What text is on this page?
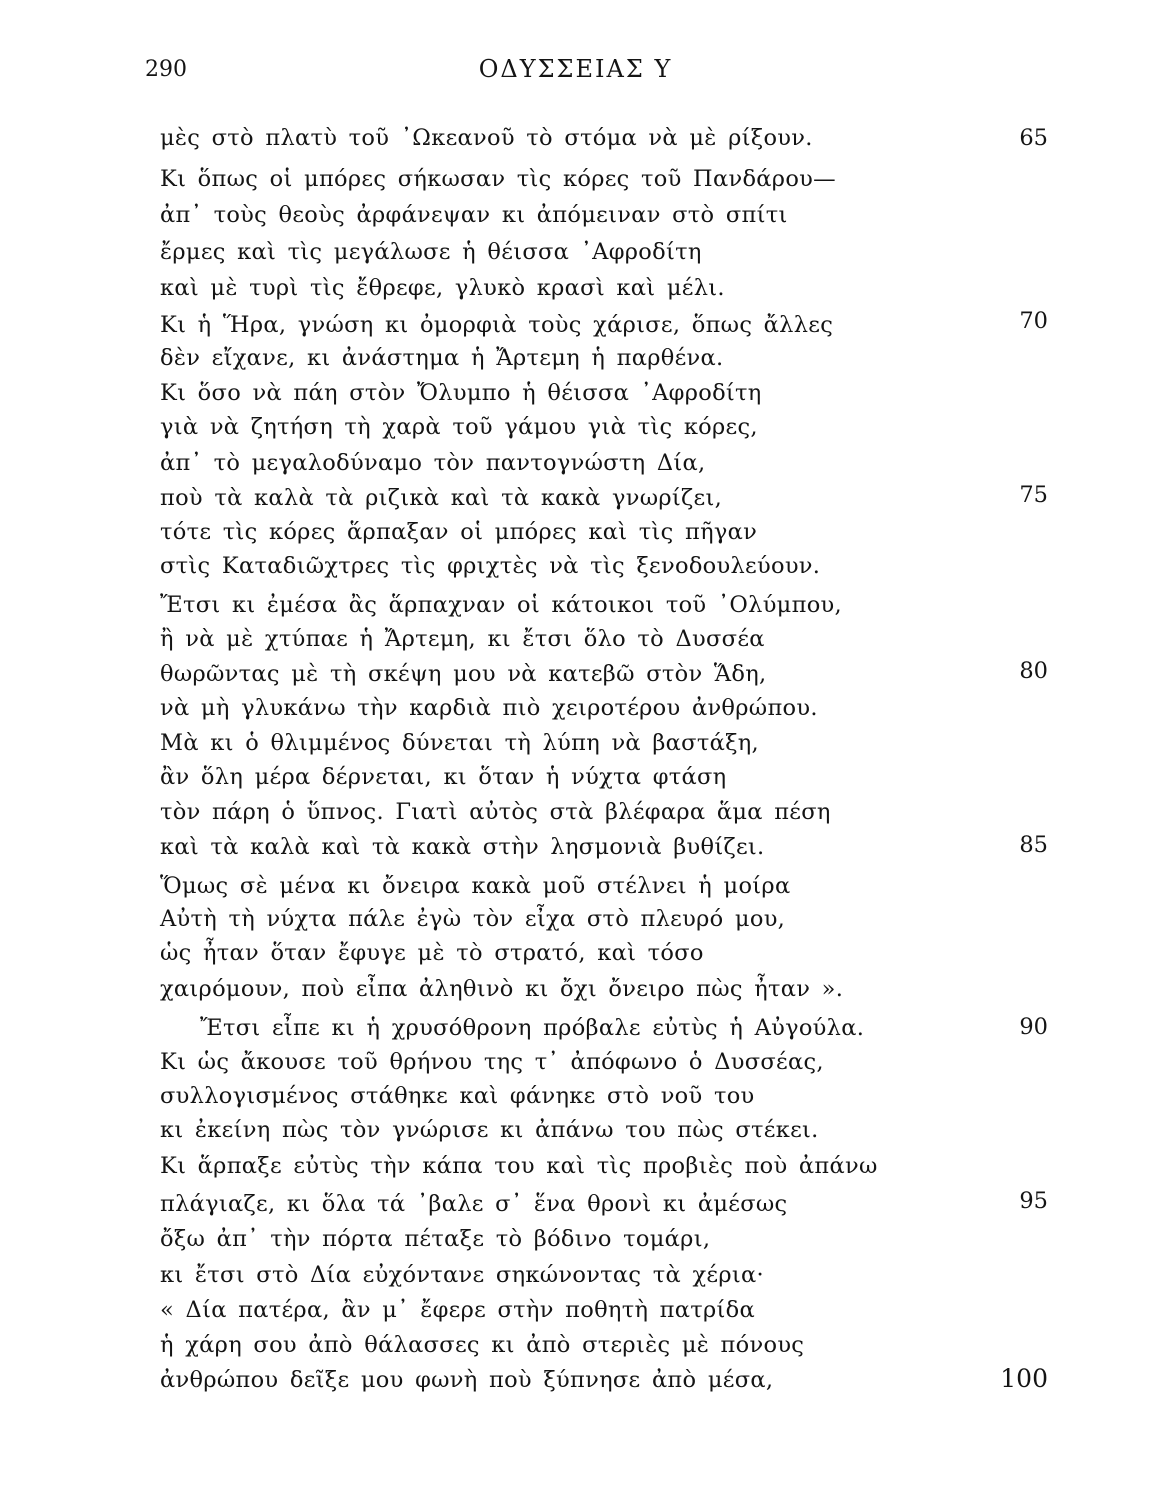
290	ΟΔΥΣΣΕΙΑΣ Υ
μὲς στὸ πλατὺ τοῦ ᾿Ωκεανοῦ τὸ στόμα νὰ μὲ ρίξουν.
Κι ὅπως οἱ μπόρες σήκωσαν τὶς κόρες τοῦ Πανδάρου—
ἀπ᾿ τοὺς θεοὺς ἀρφάνεψαν κι ἀπόμειναν στὸ σπίτι
ἔρμες καὶ τὶς μεγάλωσε ἡ θέισσα ᾿Αφροδίτη
καὶ μὲ τυρὶ τὶς ἔθρεφε, γλυκὸ κρασὶ καὶ μέλι.
Κι ἡ Ἥρα, γνώση κι ὀμορφιὰ τοὺς χάρισε, ὅπως ἄλλες
δὲν εἴχανε, κι ἀνάστημα ἡ Ἄρτεμη ἡ παρθένα.
Κι ὅσο νὰ πάη στὸν Ὄλυμπο ἡ θέισσα ᾿Αφροδίτη
γιὰ νὰ ζητήση τὴ χαρὰ τοῦ γάμου γιὰ τὶς κόρες,
ἀπ᾿ τὸ μεγαλοδύναμο τὸν παντογνώστη Δία,
ποὺ τὰ καλὰ τὰ ριζικὰ καὶ τὰ κακὰ γνωρίζει,
τότε τὶς κόρες ἅρπαξαν οἱ μπόρες καὶ τὶς πῆγαν
στὶς Καταδιῶχτρες τὶς φριχτὲς νὰ τὶς ξενοδουλεύουν.
Ἔτσι κι ἐμέσα ἂς ἅρπαχναν οἱ κάτοικοι τοῦ ᾿Ολύμπου,
ἢ νὰ μὲ χτύπαε ἡ Ἄρτεμη, κι ἔτσι ὅλο τὸ Δυσσέα
θωρῶντας μὲ τὴ σκέψη μου νὰ κατεβῶ στὸν Ἅδη,
νὰ μὴ γλυκάνω τὴν καρδιὰ πιὸ χειροτέρου ἀνθρώπου.
Μὰ κι ὁ θλιμμένος δύνεται τὴ λύπη νὰ βαστάξη,
ἂν ὅλη μέρα δέρνεται, κι ὅταν ἡ νύχτα φτάση
τὸν πάρη ὁ ὕπνος. Γιατὶ αὐτὸς στὰ βλέφαρα ἅμα πέση
καὶ τὰ καλὰ καὶ τὰ κακὰ στὴν λησμονιὰ βυθίζει.
Ὅμως σὲ μένα κι ὄνειρα κακὰ μοῦ στέλνει ἡ μοίρα
Αὐτὴ τὴ νύχτα πάλε ἐγὼ τὸν εἶχα στὸ πλευρό μου,
ὡς ἦταν ὅταν ἔφυγε μὲ τὸ στρατό, καὶ τόσο
χαιρόμουν, ποὺ εἶπα ἀληθινὸ κι ὄχι ὄνειρο πὼς ἦταν ».
Ἔτσι εἶπε κι ἡ χρυσόθρονη πρόβαλε εὐτὺς ἡ Αὐγούλα.
Κι ὡς ἄκουσε τοῦ θρήνου της τ᾿ ἀπόφωνο ὁ Δυσσέας,
συλλογισμένος στάθηκε καὶ φάνηκε στὸ νοῦ του
κι ἐκείνη πὼς τὸν γνώρισε κι ἀπάνω του πὼς στέκει.
Κι ἅρπαξε εὐτὺς τὴν κάπα του καὶ τὶς προβιὲς ποὺ ἀπάνω
πλάγιαζε, κι ὅλα τά ᾿βαλε σ᾿ ἕνα θρονὶ κι ἀμέσως
ὄξω ἀπ᾿ τὴν πόρτα πέταξε τὸ βόδινο τομάρι,
κι ἔτσι στὸ Δία εὐχόντανε σηκώνοντας τὰ χέρια·
« Δία πατέρα, ἂν μ᾿ ἔφερε στὴν ποθητὴ πατρίδα
ἡ χάρη σου ἀπὸ θάλασσες κι ἀπὸ στεριὲς μὲ πόνους
ἀνθρώπου δεῖξε μου φωνὴ ποὺ ξύπνησε ἀπὸ μέσα,
65
70
75
80
85
90
95
100
